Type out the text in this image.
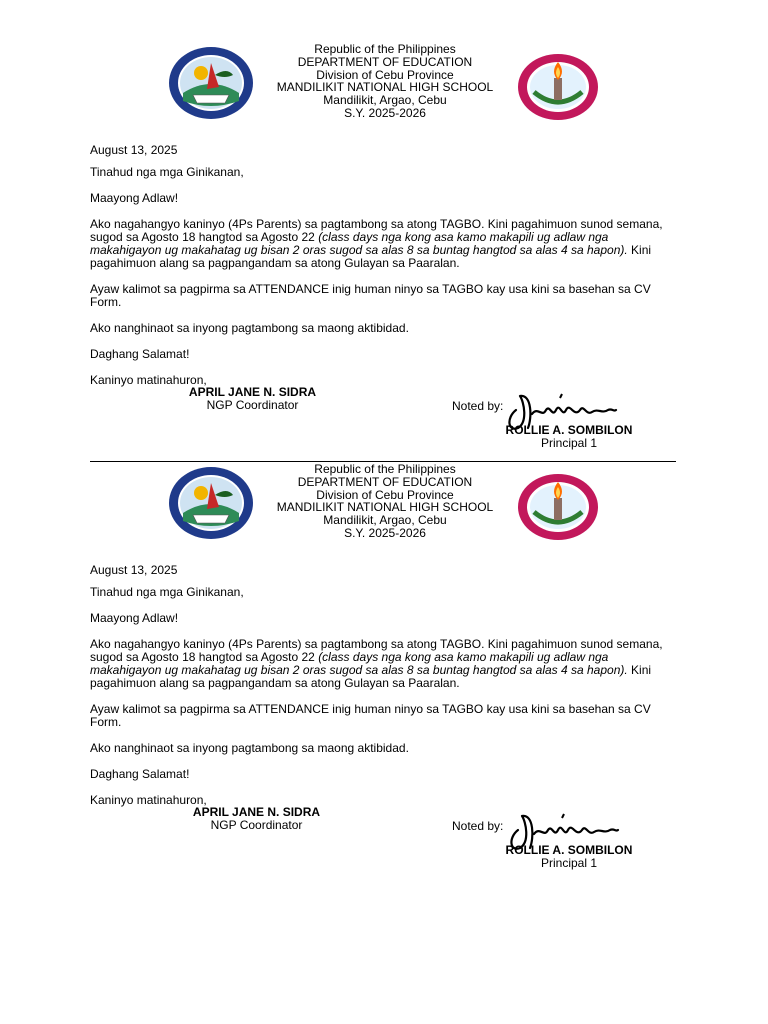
Republic of the Philippines
DEPARTMENT OF EDUCATION
Division of Cebu Province
MANDILIKIT NATIONAL HIGH SCHOOL
Mandilikit, Argao, Cebu
S.Y. 2025-2026
August 13, 2025

Tinahud nga mga Ginikanan,

Maayong Adlaw!

Ako nagahangyo kaninyo (4Ps Parents) sa pagtambong sa atong TAGBO. Kini pagahimuon sunod semana, sugod sa Agosto 18 hangtod sa Agosto 22 (class days nga kong asa kamo makapili ug adlaw nga makahigayon ug makahatag ug bisan 2 oras sugod sa alas 8 sa buntag hangtod sa alas 4 sa hapon). Kini pagahimuon alang sa pagpangandam sa atong Gulayan sa Paaralan.

Ayaw kalimot sa pagpirma sa ATTENDANCE inig human ninyo sa TAGBO kay usa kini sa basehan sa CV Form.

Ako nanghinaot sa inyong pagtambong sa maong aktibidad.

Daghang Salamat!

Kaninyo matinahuron,

APRIL JANE N. SIDRA
NGP Coordinator	Noted by:
ROLLIE A. SOMBILON
Principal 1
Republic of the Philippines
DEPARTMENT OF EDUCATION
Division of Cebu Province
MANDILIKIT NATIONAL HIGH SCHOOL
Mandilikit, Argao, Cebu
S.Y. 2025-2026
August 13, 2025

Tinahud nga mga Ginikanan,

Maayong Adlaw!

Ako nagahangyo kaninyo (4Ps Parents) sa pagtambong sa atong TAGBO. Kini pagahimuon sunod semana, sugod sa Agosto 18 hangtod sa Agosto 22 (class days nga kong asa kamo makapili ug adlaw nga makahigayon ug makahatag ug bisan 2 oras sugod sa alas 8 sa buntag hangtod sa alas 4 sa hapon). Kini pagahimuon alang sa pagpangandam sa atong Gulayan sa Paaralan.

Ayaw kalimot sa pagpirma sa ATTENDANCE inig human ninyo sa TAGBO kay usa kini sa basehan sa CV Form.

Ako nanghinaot sa inyong pagtambong sa maong aktibidad.

Daghang Salamat!

Kaninyo matinahuron,

APRIL JANE N. SIDRA
NGP Coordinator	Noted by:
ROLLIE A. SOMBILON
Principal 1
